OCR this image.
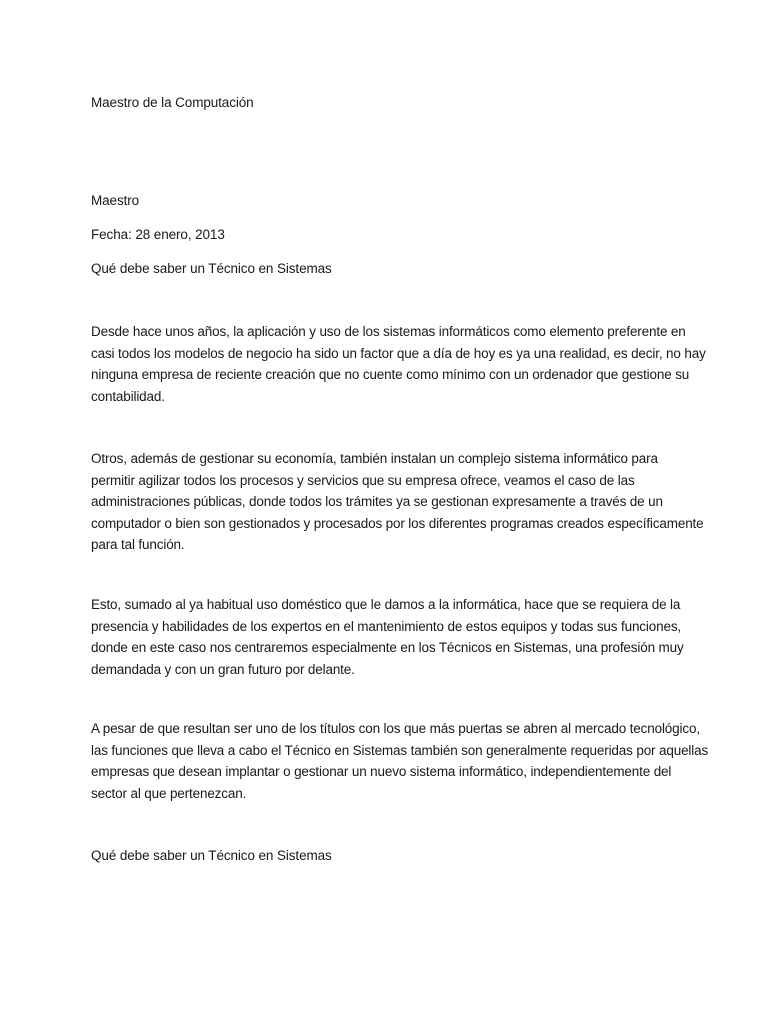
Maestro de la Computación

Maestro

Fecha: 28 enero, 2013

Qué debe saber un Técnico en Sistemas

Desde hace unos años, la aplicación y uso de los sistemas informáticos como elemento preferente en
casi todos los modelos de negocio ha sido un factor que a día de hoy es ya una realidad, es decir, no hay
ninguna empresa de reciente creación que no cuente como mínimo con un ordenador que gestione su
contabilidad.
Otros, además de gestionar su economía, también instalan un complejo sistema informático para
permitir agilizar todos los procesos y servicios que su empresa ofrece, veamos el caso de las
administraciones públicas, donde todos los trámites ya se gestionan expresamente a través de un
computador o bien son gestionados y procesados por los diferentes programas creados específicamente
para tal función.
Esto, sumado al ya habitual uso doméstico que le damos a la informática, hace que se requiera de la
presencia y habilidades de los expertos en el mantenimiento de estos equipos y todas sus funciones,
donde en este caso nos centraremos especialmente en los Técnicos en Sistemas, una profesión muy
demandada y con un gran futuro por delante.
A pesar de que resultan ser uno de los títulos con los que más puertas se abren al mercado tecnológico,
las funciones que lleva a cabo el Técnico en Sistemas también son generalmente requeridas por aquellas
empresas que desean implantar o gestionar un nuevo sistema informático, independientemente del
sector al que pertenezcan.

Qué debe saber un Técnico en Sistemas
